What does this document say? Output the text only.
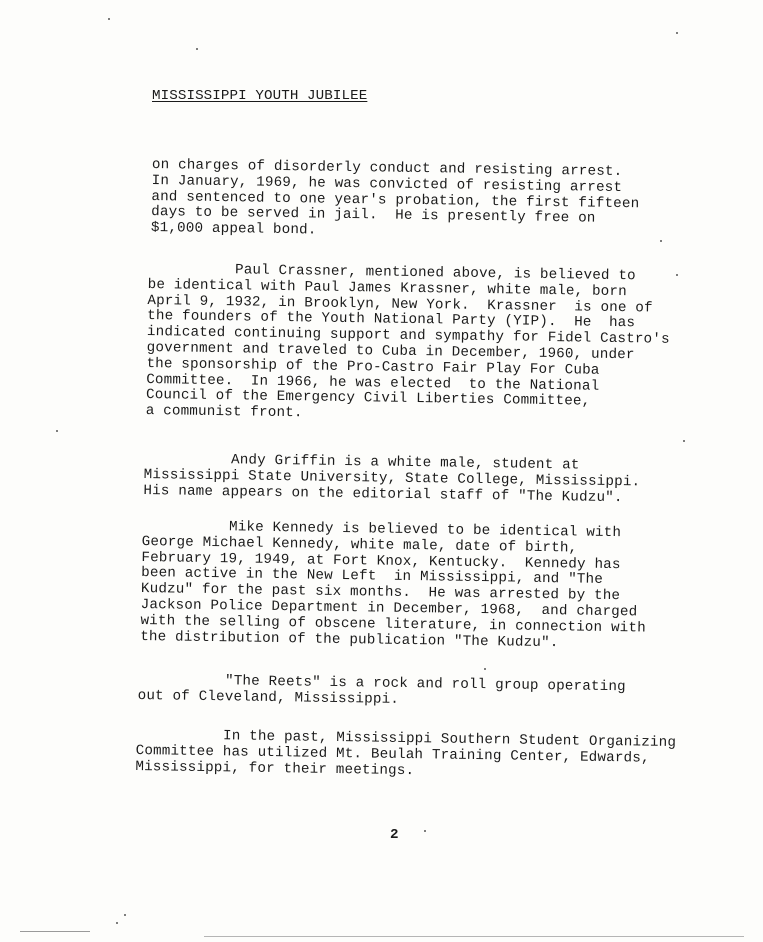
MISSISSIPPI YOUTH JUBILEE
on charges of disorderly conduct and resisting arrest.
In January, 1969, he was convicted of resisting arrest
and sentenced to one year's probation, the first fifteen
days to be served in jail.  He is presently free on
$1,000 appeal bond.
Paul Crassner, mentioned above, is believed to
be identical with Paul James Krassner, white male, born
April 9, 1932, in Brooklyn, New York.  Krassner  is one of
the founders of the Youth National Party (YIP).  He  has
indicated continuing support and sympathy for Fidel Castro's
government and traveled to Cuba in December, 1960, under
the sponsorship of the Pro-Castro Fair Play For Cuba
Committee.  In 1966, he was elected  to the National
Council of the Emergency Civil Liberties Committee,
a communist front.
Andy Griffin is a white male, student at
Mississippi State University, State College, Mississippi.
His name appears on the editorial staff of "The Kudzu".
Mike Kennedy is believed to be identical with
George Michael Kennedy, white male, date of birth,
February 19, 1949, at Fort Knox, Kentucky.  Kennedy has
been active in the New Left  in Mississippi, and "The
Kudzu" for the past six months.  He was arrested by the
Jackson Police Department in December, 1968,  and charged
with the selling of obscene literature, in connection with
the distribution of the publication "The Kudzu".
"The Reets" is a rock and roll group operating
out of Cleveland, Mississippi.
In the past, Mississippi Southern Student Organizing
Committee has utilized Mt. Beulah Training Center, Edwards,
Mississippi, for their meetings.
2
